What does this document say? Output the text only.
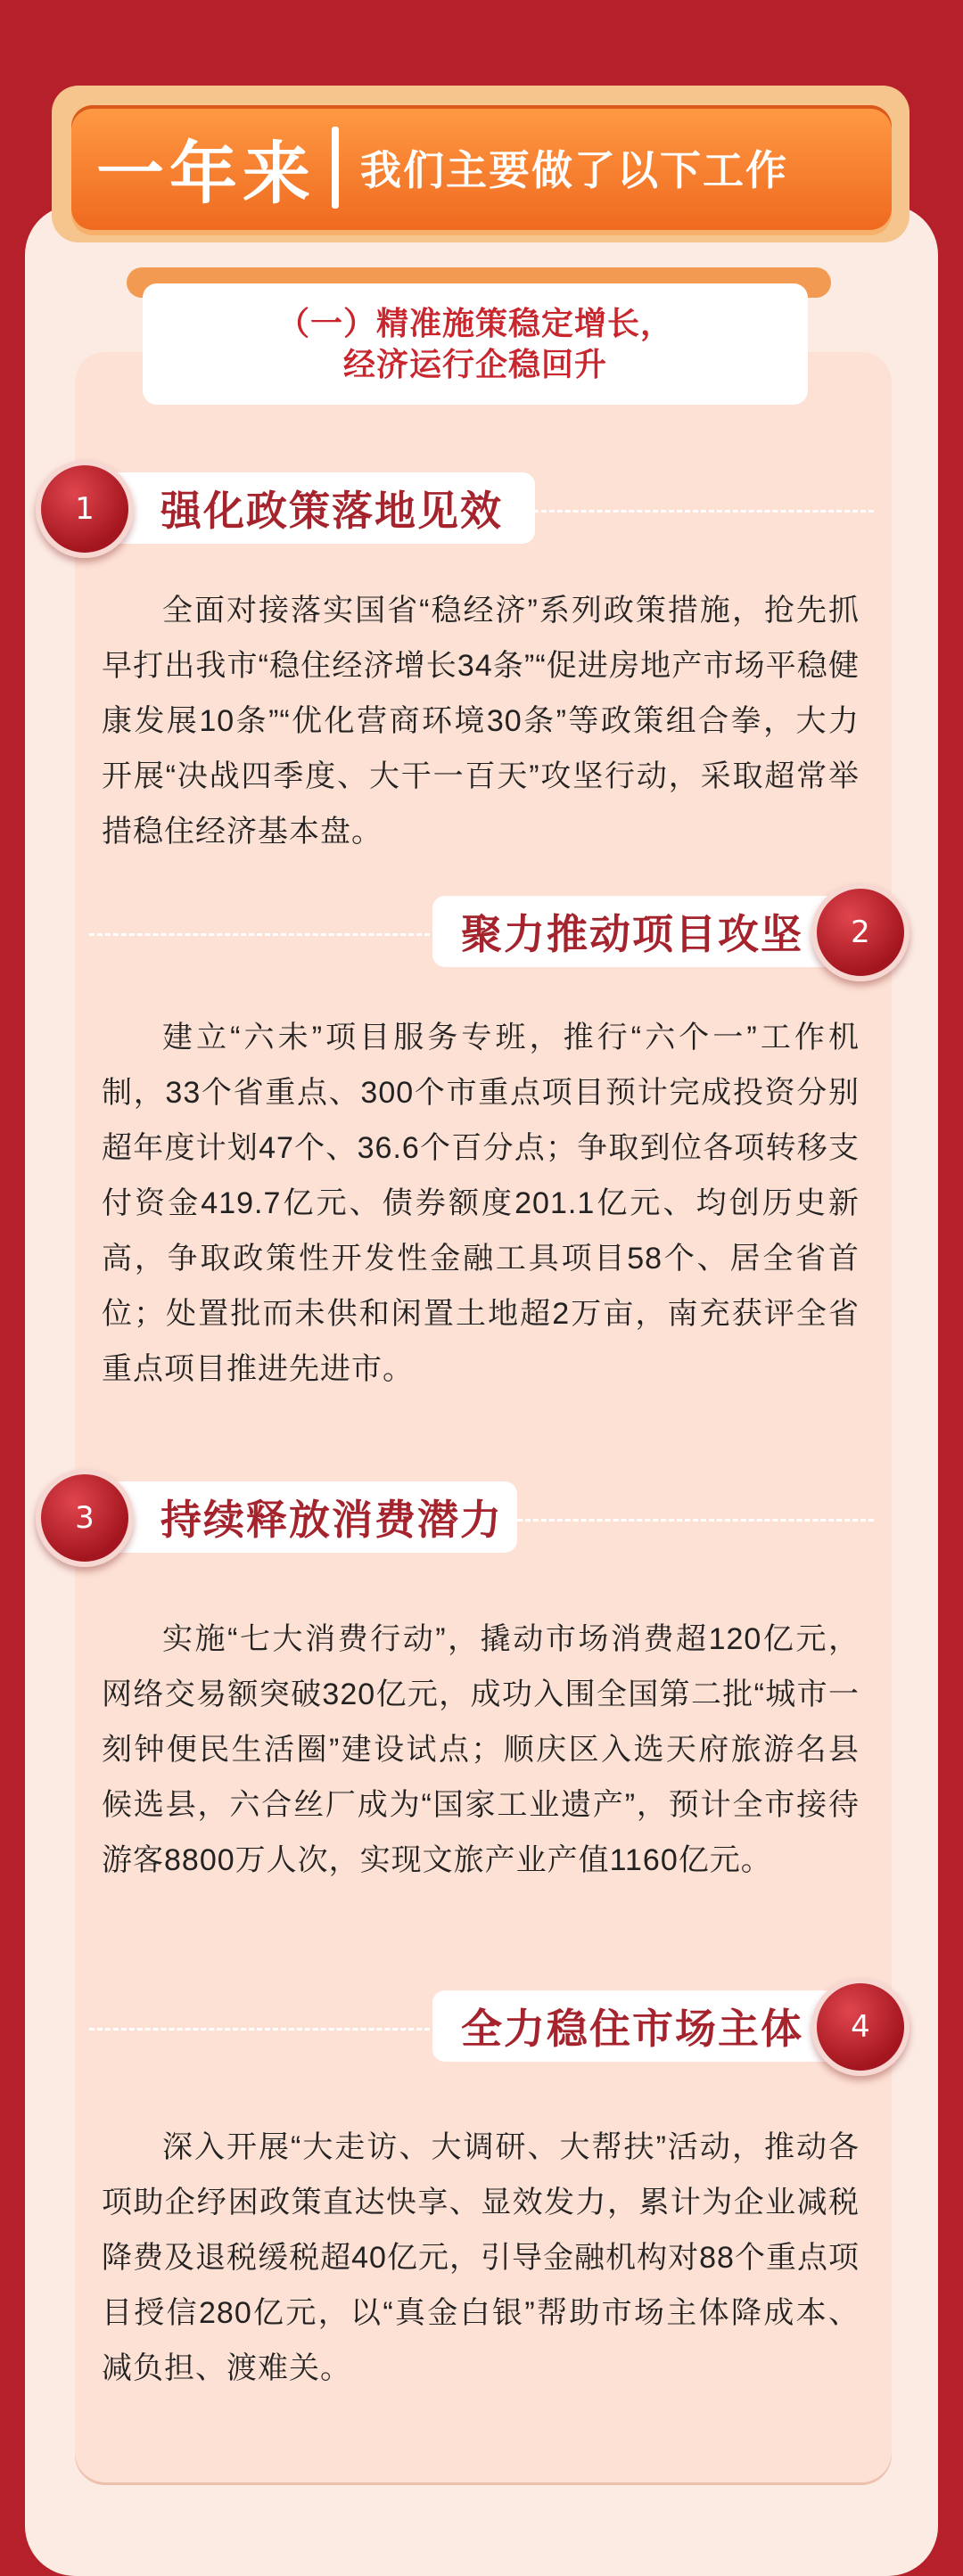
一年来 我们主要做了以下工作
（一）精准施策稳定增长，
经济运行企稳回升
强化政策落地见效
1
全面对接落实国省“稳经济”系列政策措施，抢先抓早打出我市“稳住经济增长34条”“促进房地产市场平稳健康发展10条”“优化营商环境30条”等政策组合拳，大力开展“决战四季度、大干一百天”攻坚行动，采取超常举措稳住经济基本盘。
聚力推动项目攻坚	2
建立“六未”项目服务专班，推行“六个一”工作机制，33个省重点、300个市重点项目预计完成投资分别超年度计划47个、36.6个百分点；争取到位各项转移支付资金419.7亿元、债券额度201.1亿元、均创历史新高，争取政策性开发性金融工具项目58个、居全省首位；处置批而未供和闲置土地超2万亩，南充获评全省重点项目推进先进市。
持续释放消费潜力
3
实施“七大消费行动”，撬动市场消费超120亿元，网络交易额突破320亿元，成功入围全国第二批“城市一刻钟便民生活圈”建设试点；顺庆区入选天府旅游名县候选县，六合丝厂成为“国家工业遗产”，预计全市接待游客8800万人次，实现文旅产业产值1160亿元。
全力稳住市场主体	4
深入开展“大走访、大调研、大帮扶”活动，推动各项助企纾困政策直达快享、显效发力，累计为企业减税降费及退税缓税超40亿元，引导金融机构对88个重点项目授信280亿元，以“真金白银”帮助市场主体降成本、减负担、渡难关。
